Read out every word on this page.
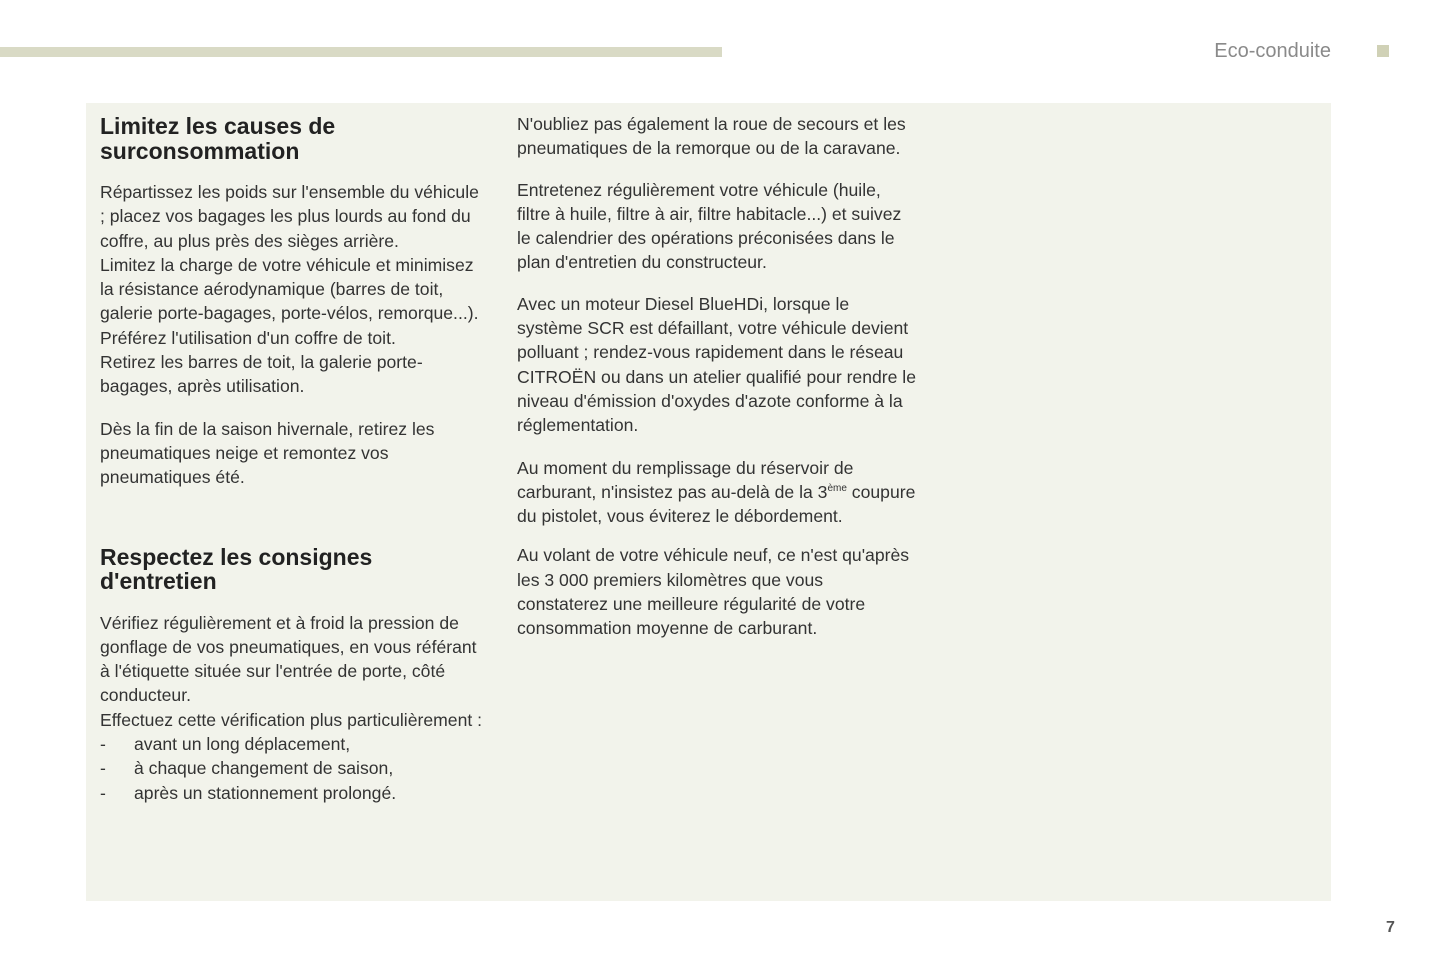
Eco-conduite
Limitez les causes de
surconsommation

Répartissez les poids sur l'ensemble du véhicule ; placez vos bagages les plus lourds au fond du coffre, au plus près des sièges arrière.

Limitez la charge de votre véhicule et minimisez la résistance aérodynamique (barres de toit, galerie porte-bagages, porte-vélos, remorque...). Préférez l'utilisation d'un coffre de toit.

Retirez les barres de toit, la galerie porte-bagages, après utilisation.

Dès la fin de la saison hivernale, retirez les pneumatiques neige et remontez vos pneumatiques été.

Respectez les consignes
d'entretien

Vérifiez régulièrement et à froid la pression de gonflage de vos pneumatiques, en vous référant à l'étiquette située sur l'entrée de porte, côté conducteur.

Effectuez cette vérification plus particulièrement :

- avant un long déplacement,
- à chaque changement de saison,
- après un stationnement prolongé.

N'oubliez pas également la roue de secours et les pneumatiques de la remorque ou de la caravane.

Entretenez régulièrement votre véhicule (huile, filtre à huile, filtre à air, filtre habitacle...) et suivez le calendrier des opérations préconisées dans le plan d'entretien du constructeur.

Avec un moteur Diesel BlueHDi, lorsque le système SCR est défaillant, votre véhicule devient polluant ; rendez-vous rapidement dans le réseau CITROËN ou dans un atelier qualifié pour rendre le niveau d'émission d'oxydes d'azote conforme à la réglementation.

Au moment du remplissage du réservoir de carburant, n'insistez pas au-delà de la 3ème coupure du pistolet, vous éviterez le débordement.

Au volant de votre véhicule neuf, ce n'est qu'après les 3 000 premiers kilomètres que vous constaterez une meilleure régularité de votre consommation moyenne de carburant.

7
